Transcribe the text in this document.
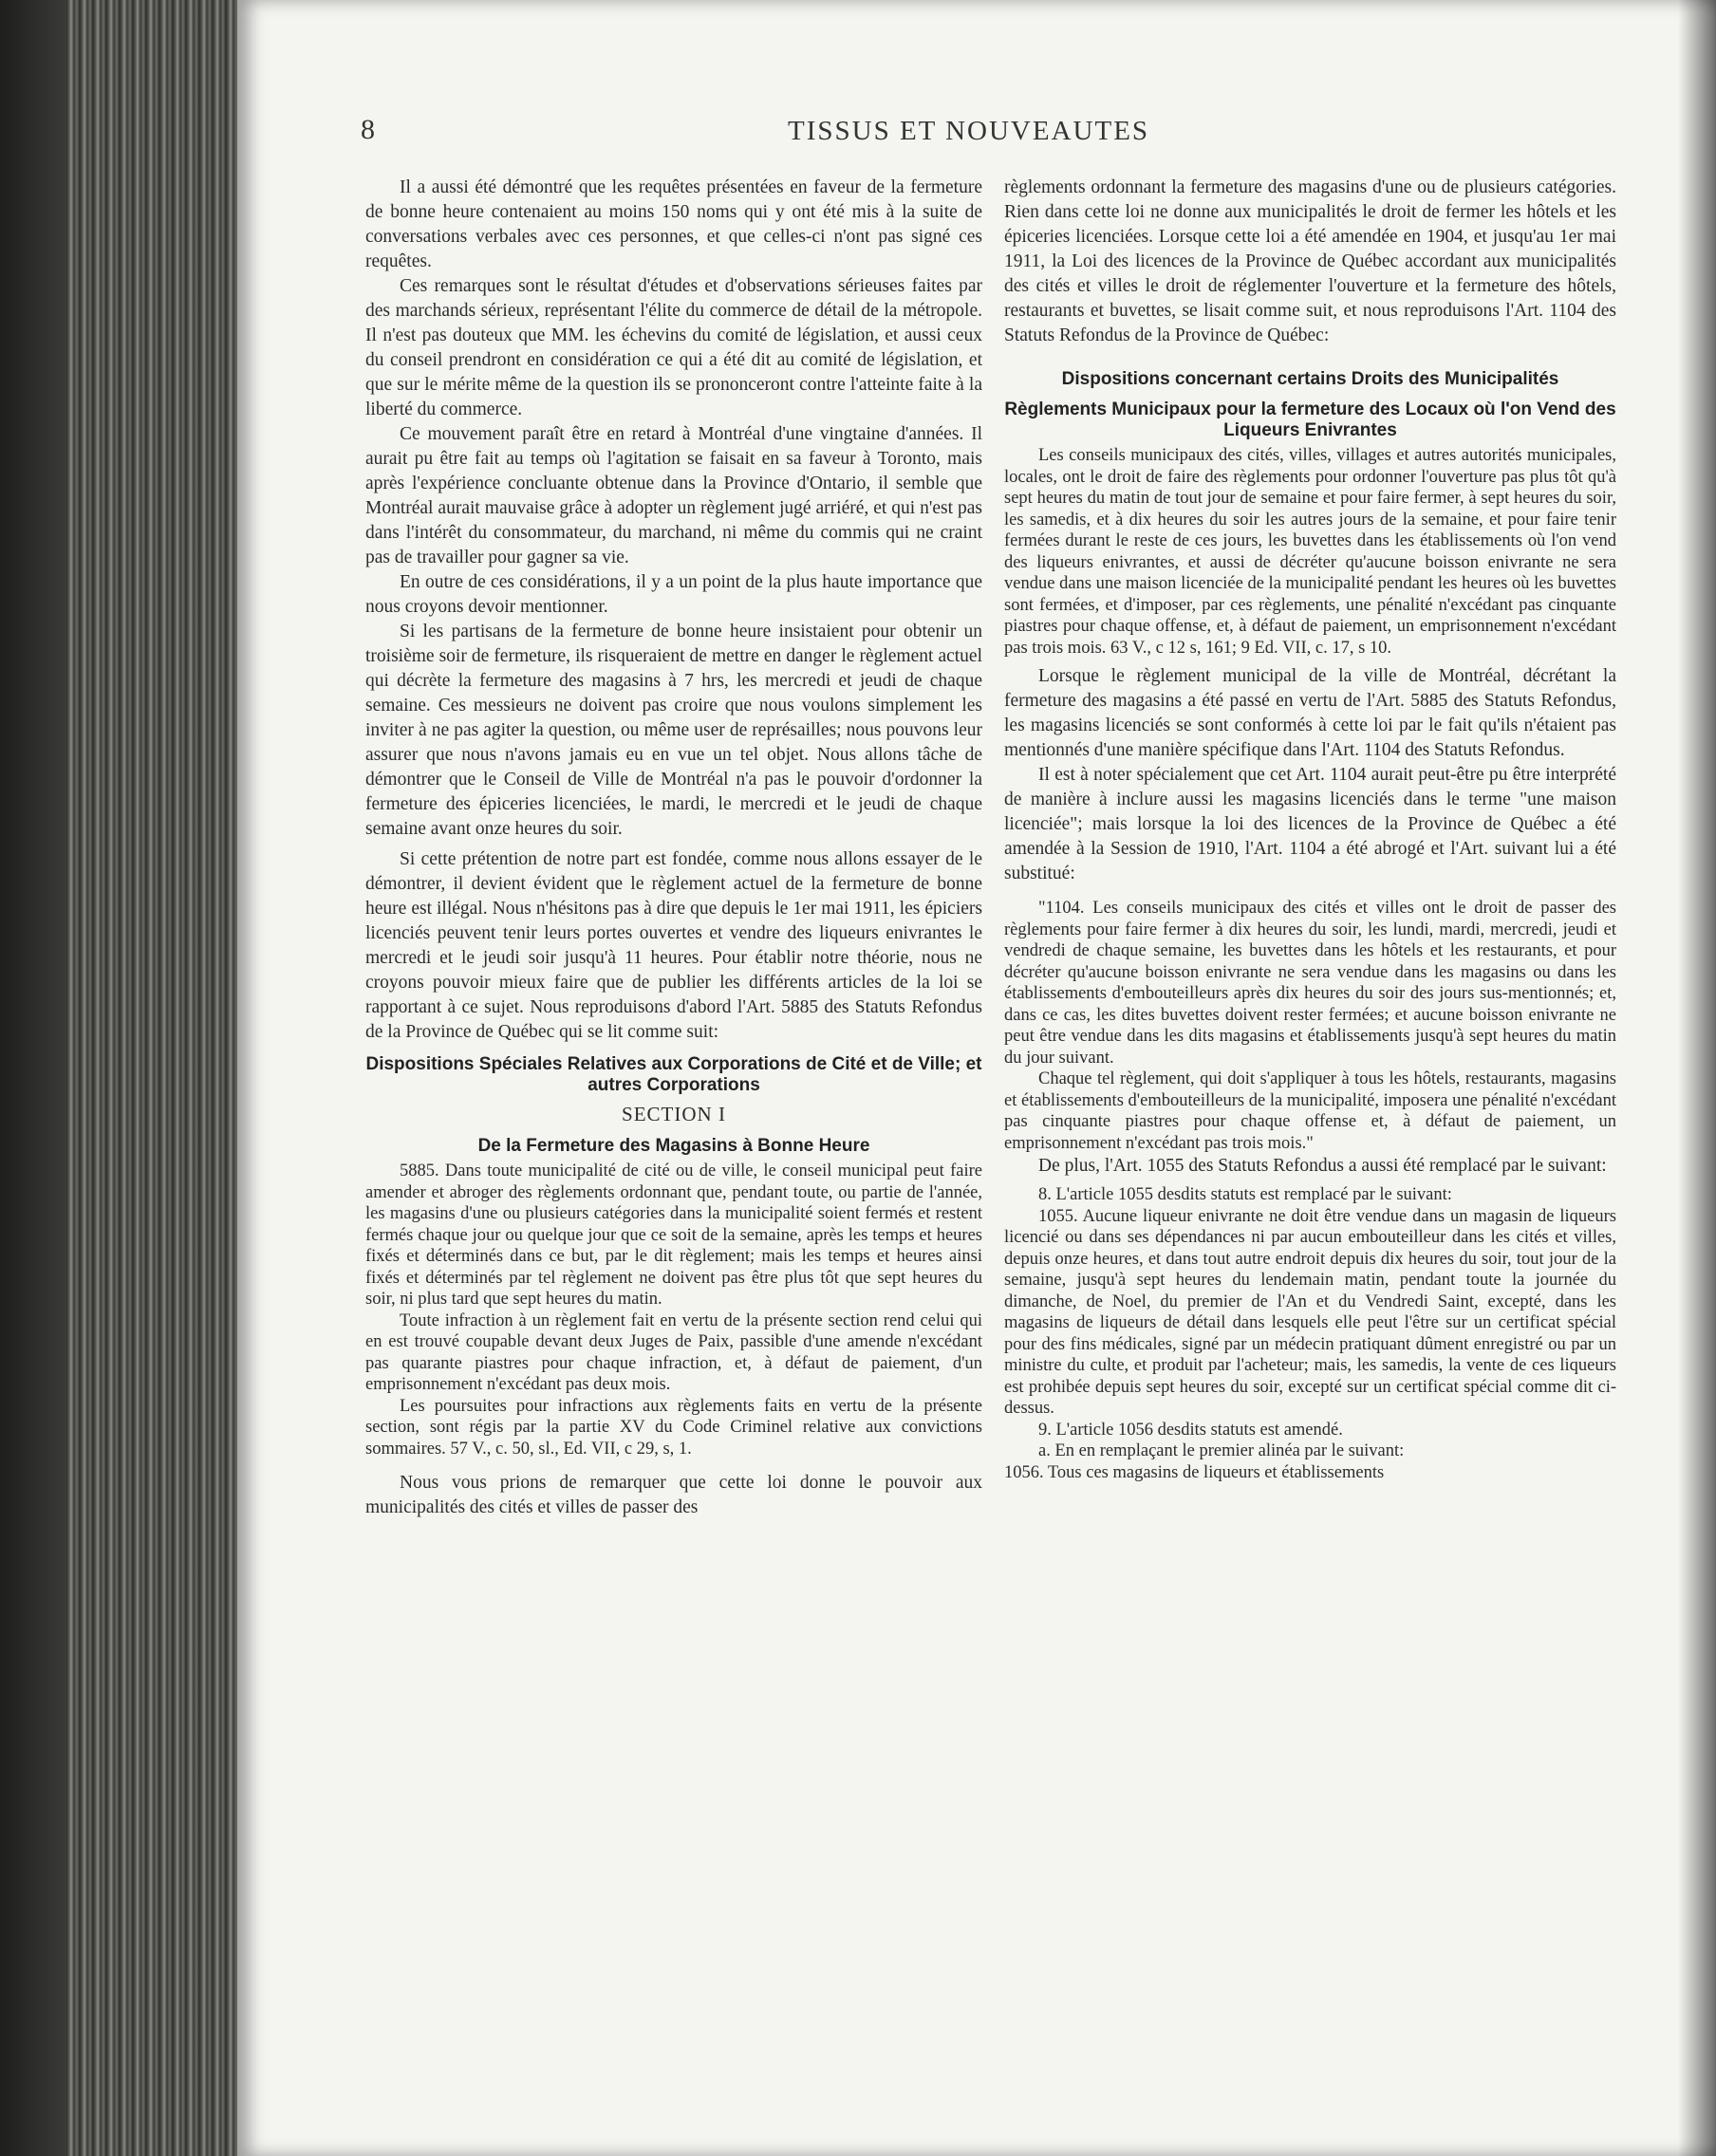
8	TISSUS ET NOUVEAUTES

Il a aussi été démontré que les requêtes présentées en faveur de la fermeture de bonne heure contenaient au moins 150 noms qui y ont été mis à la suite de conversations verbales avec ces personnes, et que celles-ci n'ont pas signé ces requêtes.

Ces remarques sont le résultat d'études et d'observations sérieuses faites par des marchands sérieux, représentant l'élite du commerce de détail de la métropole. Il n'est pas douteux que MM. les échevins du comité de législation, et aussi ceux du conseil prendront en considération ce qui a été dit au comité de législation, et que sur le mérite même de la question ils se prononceront contre l'atteinte faite à la liberté du commerce.

Ce mouvement paraît être en retard à Montréal d'une vingtaine d'années. Il aurait pu être fait au temps où l'agitation se faisait en sa faveur à Toronto, mais après l'expérience concluante obtenue dans la Province d'Ontario, il semble que Montréal aurait mauvaise grâce à adopter un règlement jugé arriéré, et qui n'est pas dans l'intérêt du consommateur, du marchand, ni même du commis qui ne craint pas de travailler pour gagner sa vie.

En outre de ces considérations, il y a un point de la plus haute importance que nous croyons devoir mentionner.

Si les partisans de la fermeture de bonne heure insistaient pour obtenir un troisième soir de fermeture, ils risqueraient de mettre en danger le règlement actuel qui décrète la fermeture des magasins à 7 hrs, les mercredi et jeudi de chaque semaine. Ces messieurs ne doivent pas croire que nous voulons simplement les inviter à ne pas agiter la question, ou même user de représailles; nous pouvons leur assurer que nous n'avons jamais eu en vue un tel objet. Nous allons tâche de démontrer que le Conseil de Ville de Montréal n'a pas le pouvoir d'ordonner la fermeture des épiceries licenciées, le mardi, le mercredi et le jeudi de chaque semaine avant onze heures du soir.

Si cette prétention de notre part est fondée, comme nous allons essayer de le démontrer, il devient évident que le règlement actuel de la fermeture de bonne heure est illégal. Nous n'hésitons pas à dire que depuis le 1er mai 1911, les épiciers licenciés peuvent tenir leurs portes ouvertes et vendre des liqueurs enivrantes le mercredi et le jeudi soir jusqu'à 11 heures. Pour établir notre théorie, nous ne croyons pouvoir mieux faire que de publier les différents articles de la loi se rapportant à ce sujet. Nous reproduisons d'abord l'Art. 5885 des Statuts Refondus de la Province de Québec qui se lit comme suit:

Dispositions Spéciales Relatives aux Corporations de Cité et de Ville; et autres Corporations
SECTION I
De la Fermeture des Magasins à Bonne Heure

5885. Dans toute municipalité de cité ou de ville, le conseil municipal peut faire amender et abroger des règlements ordonnant que, pendant toute, ou partie de l'année, les magasins d'une ou plusieurs catégories dans la municipalité soient fermés et restent fermés chaque jour ou quelque jour que ce soit de la semaine, après les temps et heures fixés et déterminés dans ce but, par le dit règlement; mais les temps et heures ainsi fixés et déterminés par tel règlement ne doivent pas être plus tôt que sept heures du soir, ni plus tard que sept heures du matin.

Toute infraction à un règlement fait en vertu de la présente section rend celui qui en est trouvé coupable devant deux Juges de Paix, passible d'une amende n'excédant pas quarante piastres pour chaque infraction, et, à défaut de paiement, d'un emprisonnement n'excédant pas deux mois.

Les poursuites pour infractions aux règlements faits en vertu de la présente section, sont régis par la partie XV du Code Criminel relative aux convictions sommaires. 57 V., c. 50, sl., Ed. VII, c 29, s, 1.

Nous vous prions de remarquer que cette loi donne le pouvoir aux municipalités des cités et villes de passer des

règlements ordonnant la fermeture des magasins d'une ou de plusieurs catégories. Rien dans cette loi ne donne aux municipalités le droit de fermer les hôtels et les épiceries licenciées. Lorsque cette loi a été amendée en 1904, et jusqu'au 1er mai 1911, la Loi des licences de la Province de Québec accordant aux municipalités des cités et villes le droit de réglementer l'ouverture et la fermeture des hôtels, restaurants et buvettes, se lisait comme suit, et nous reproduisons l'Art. 1104 des Statuts Refondus de la Province de Québec:

Dispositions concernant certains Droits des Municipalités
Règlements Municipaux pour la fermeture des Locaux où l'on Vend des Liqueurs Enivrantes

Les conseils municipaux des cités, villes, villages et autres autorités municipales, locales, ont le droit de faire des règlements pour ordonner l'ouverture pas plus tôt qu'à sept heures du matin de tout jour de semaine et pour faire fermer, à sept heures du soir, les samedis, et à dix heures du soir les autres jours de la semaine, et pour faire tenir fermées durant le reste de ces jours, les buvettes dans les établissements où l'on vend des liqueurs enivrantes, et aussi de décréter qu'aucune boisson enivrante ne sera vendue dans une maison licenciée de la municipalité pendant les heures où les buvettes sont fermées, et d'imposer, par ces règlements, une pénalité n'excédant pas cinquante piastres pour chaque offense, et, à défaut de paiement, un emprisonnement n'excédant pas trois mois. 63 V., c 12 s, 161; 9 Ed. VII, c. 17, s 10.

Lorsque le règlement municipal de la ville de Montréal, décrétant la fermeture des magasins a été passé en vertu de l'Art. 5885 des Statuts Refondus, les magasins licenciés se sont conformés à cette loi par le fait qu'ils n'étaient pas mentionnés d'une manière spécifique dans l'Art. 1104 des Statuts Refondus.

Il est à noter spécialement que cet Art. 1104 aurait peut-être pu être interprété de manière à inclure aussi les magasins licenciés dans le terme "une maison licenciée"; mais lorsque la loi des licences de la Province de Québec a été amendée à la Session de 1910, l'Art. 1104 a été abrogé et l'Art. suivant lui a été substitué:

"1104. Les conseils municipaux des cités et villes ont le droit de passer des règlements pour faire fermer à dix heures du soir, les lundi, mardi, mercredi, jeudi et vendredi de chaque semaine, les buvettes dans les hôtels et les restaurants, et pour décréter qu'aucune boisson enivrante ne sera vendue dans les magasins ou dans les établissements d'embouteilleurs après dix heures du soir des jours sus-mentionnés; et, dans ce cas, les dites buvettes doivent rester fermées; et aucune boisson enivrante ne peut être vendue dans les dits magasins et établissements jusqu'à sept heures du matin du jour suivant.

Chaque tel règlement, qui doit s'appliquer à tous les hôtels, restaurants, magasins et établissements d'embouteilleurs de la municipalité, imposera une pénalité n'excédant pas cinquante piastres pour chaque offense et, à défaut de paiement, un emprisonnement n'excédant pas trois mois."

De plus, l'Art. 1055 des Statuts Refondus a aussi été remplacé par le suivant:

8. L'article 1055 desdits statuts est remplacé par le suivant:

1055. Aucune liqueur enivrante ne doit être vendue dans un magasin de liqueurs licencié ou dans ses dépendances ni par aucun embouteilleur dans les cités et villes, depuis onze heures, et dans tout autre endroit depuis dix heures du soir, tout jour de la semaine, jusqu'à sept heures du lendemain matin, pendant toute la journée du dimanche, de Noel, du premier de l'An et du Vendredi Saint, excepté, dans les magasins de liqueurs de détail dans lesquels elle peut l'être sur un certificat spécial pour des fins médicales, signé par un médecin pratiquant dûment enregistré ou par un ministre du culte, et produit par l'acheteur; mais, les samedis, la vente de ces liqueurs est prohibée depuis sept heures du soir, excepté sur un certificat spécial comme dit ci-dessus.

9. L'article 1056 desdits statuts est amendé.

a. En en remplaçant le premier alinéa par le suivant:

1056. Tous ces magasins de liqueurs et établissements
